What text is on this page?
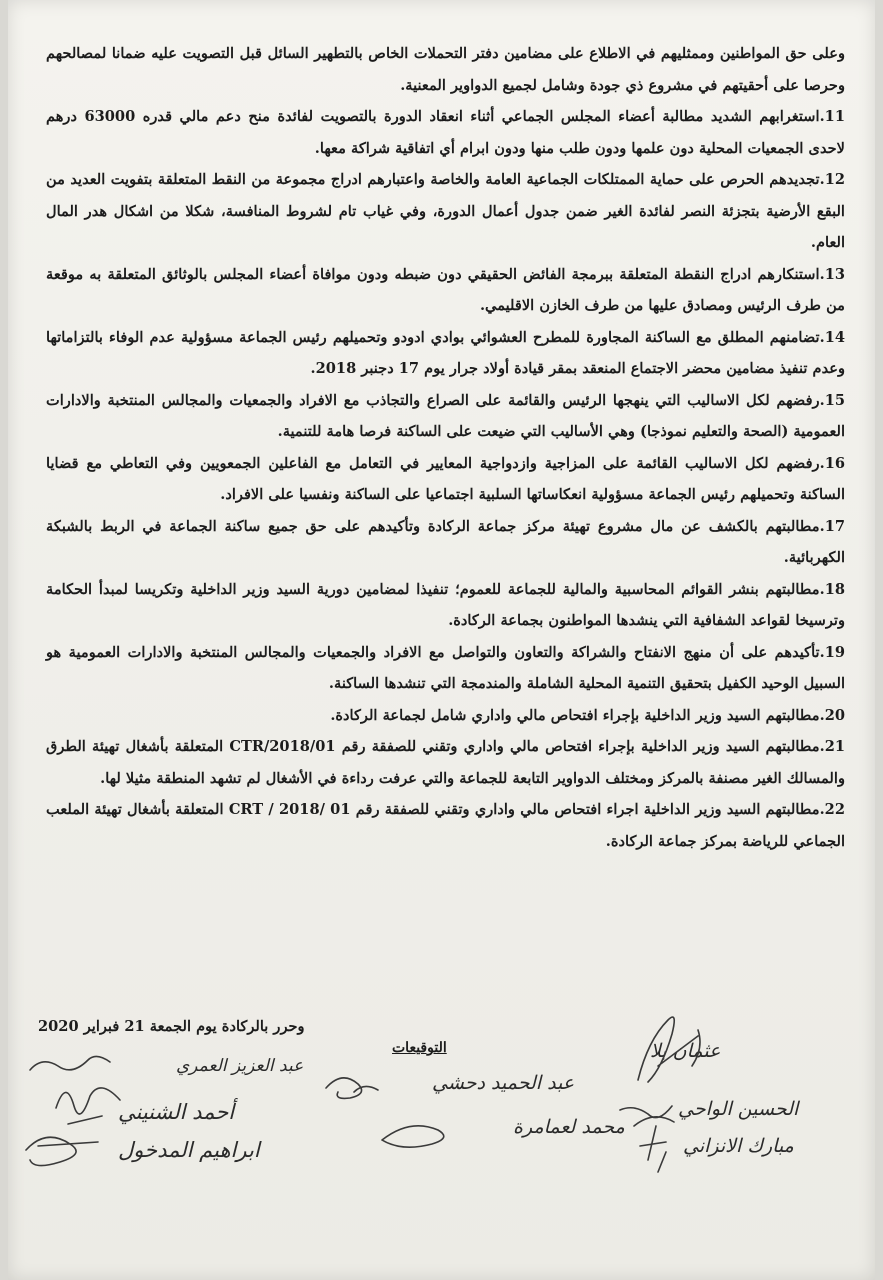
وعلى حق المواطنين وممثليهم في الاطلاع على مضامين دفتر التحملات الخاص بالتطهير السائل قبل التصويت عليه ضمانا لمصالحهم وحرصا على أحقيتهم في مشروع ذي جودة وشامل لجميع الدواوير المعنية.

11.استغرابهم الشديد مطالبة أعضاء المجلس الجماعي أثناء انعقاد الدورة بالتصويت لفائدة منح دعم مالي قدره 63000 درهم لاحدى الجمعيات المحلية دون علمها ودون طلب منها ودون ابرام أي اتفاقية شراكة معها.

12.تجديدهم الحرص على حماية الممتلكات الجماعية العامة والخاصة واعتبارهم ادراج مجموعة من النقط المتعلقة بتفويت العديد من البقع الأرضية بتجزئة النصر لفائدة الغير ضمن جدول أعمال الدورة، وفي غياب تام لشروط المنافسة، شكلا من اشكال هدر المال العام.

13.استنكارهم ادراج النقطة المتعلقة ببرمجة الفائض الحقيقي دون ضبطه ودون موافاة أعضاء المجلس بالوثائق المتعلقة به موقعة من طرف الرئيس ومصادق عليها من طرف الخازن الاقليمي.

14.تضامنهم المطلق مع الساكنة المجاورة للمطرح العشوائي بوادي ادودو وتحميلهم رئيس الجماعة مسؤولية عدم الوفاء بالتزاماتها وعدم تنفيذ مضامين محضر الاجتماع المنعقد بمقر قيادة أولاد جرار يوم 17 دجنبر 2018.

15.رفضهم لكل الاساليب التي ينهجها الرئيس والقائمة على الصراع والتجاذب مع الافراد والجمعيات والمجالس المنتخبة والادارات العمومية (الصحة والتعليم نموذجا) وهي الأساليب التي ضيعت على الساكنة فرصا هامة للتنمية.

16.رفضهم لكل الاساليب القائمة على المزاجية وازدواجية المعايير في التعامل مع الفاعلين الجمعويين وفي التعاطي مع قضايا الساكنة وتحميلهم رئيس الجماعة مسؤولية انعكاساتها السلبية اجتماعيا على الساكنة ونفسيا على الافراد.

17.مطالبتهم بالكشف عن مال مشروع تهيئة مركز جماعة الركادة وتأكيدهم على حق جميع ساكنة الجماعة في الربط بالشبكة الكهربائية.

18.مطالبتهم بنشر القوائم المحاسبية والمالية للجماعة للعموم؛ تنفيذا لمضامين دورية السيد وزير الداخلية وتكريسا لمبدأ الحكامة وترسيخا لقواعد الشفافية التي ينشدها المواطنون بجماعة الركادة.

19.تأكيدهم على أن منهج الانفتاح والشراكة والتعاون والتواصل مع الافراد والجمعيات والمجالس المنتخبة والادارات العمومية هو السبيل الوحيد الكفيل بتحقيق التنمية المحلية الشاملة والمندمجة التي تنشدها الساكنة.

20.مطالبتهم السيد وزير الداخلية بإجراء افتحاص مالي واداري شامل لجماعة الركادة.

21.مطالبتهم السيد وزير الداخلية بإجراء افتحاص مالي واداري وتقني للصفقة رقم CTR/2018/01 المتعلقة بأشغال تهيئة الطرق والمسالك الغير مصنفة بالمركز ومختلف الدواوير التابعة للجماعة والتي عرفت رداءة في الأشغال لم تشهد المنطقة مثيلا لها.

22.مطالبتهم السيد وزير الداخلية اجراء افتحاص مالي واداري وتقني للصفقة رقم CRT / 2018/ 01 المتعلقة بأشغال تهيئة الملعب الجماعي للرياضة بمركز جماعة الركادة.

وحرر بالركادة يوم الجمعة 21 فبراير 2020
التوقيعات
عبد العزيز العمري
أحمد الشنيني
ابراهيم المدخول
عبد الحميد دحشي
محمد لعمامرة
عثمان بلا
الحسين الواحي
مبارك الانزاني
